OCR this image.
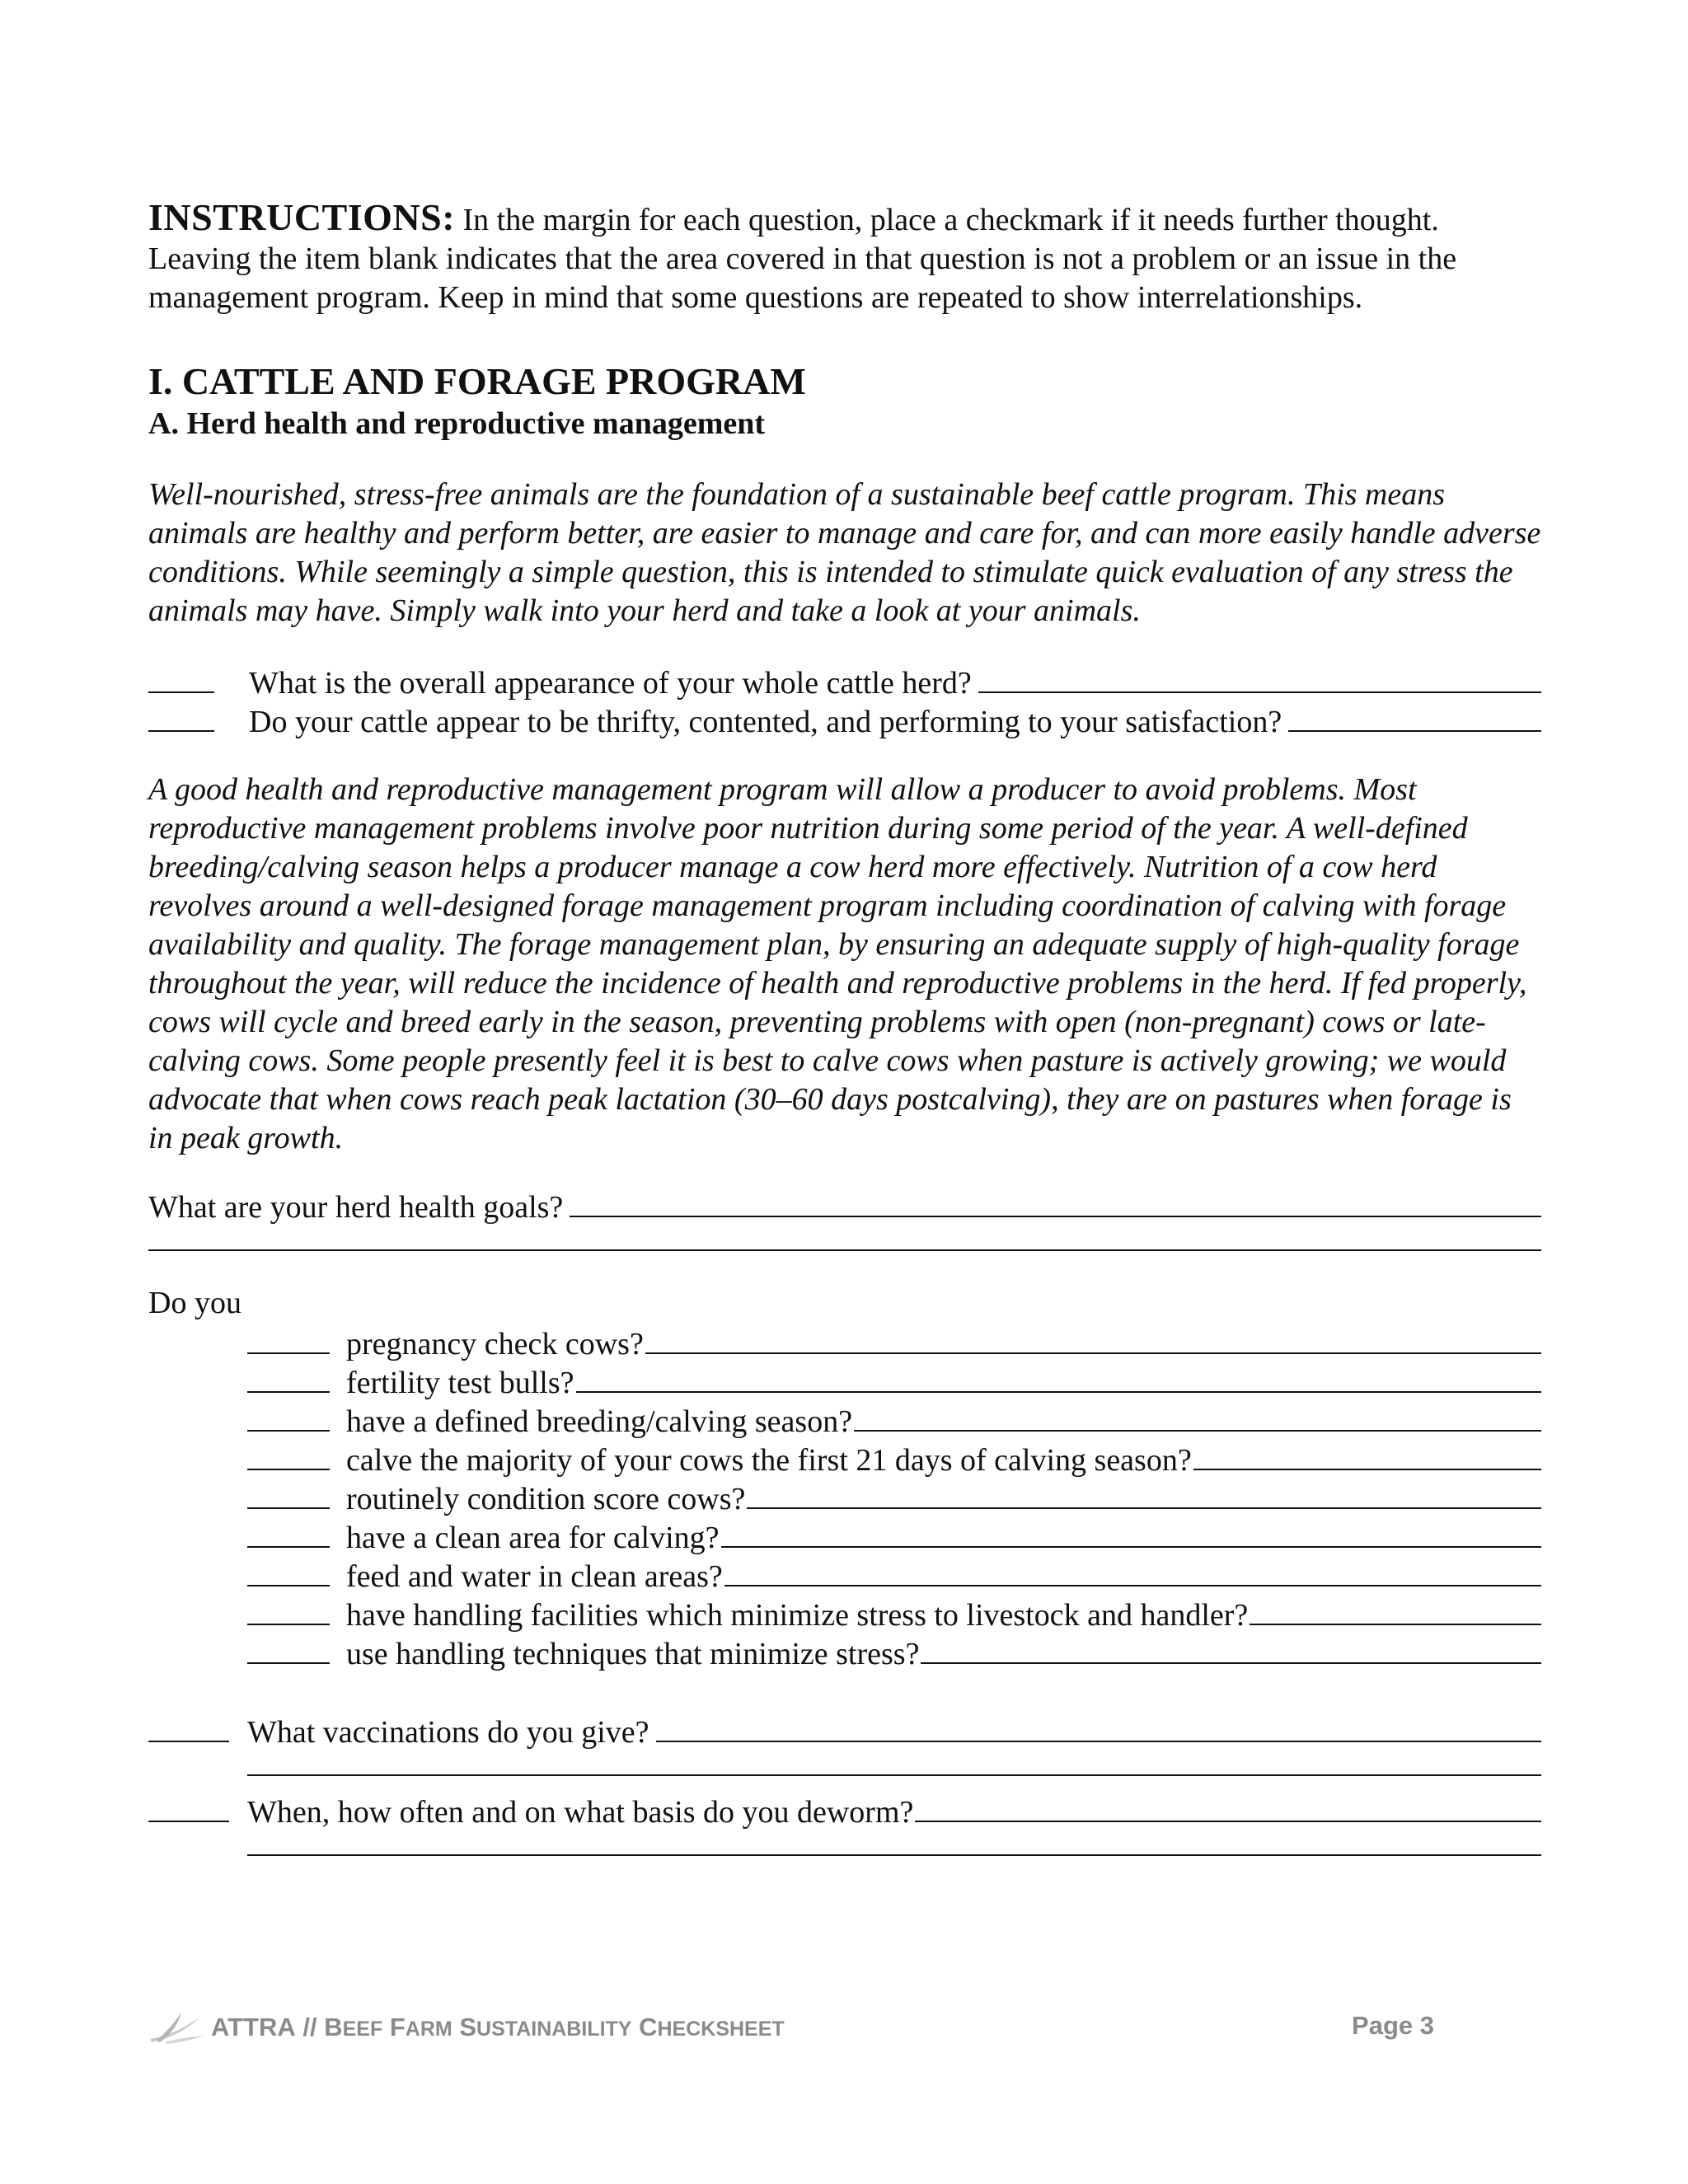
INSTRUCTIONS: In the margin for each question, place a checkmark if it needs further thought. Leaving the item blank indicates that the area covered in that question is not a problem or an issue in the management program. Keep in mind that some questions are repeated to show interrelationships.

I. CATTLE AND FORAGE PROGRAM
A. Herd health and reproductive management

Well-nourished, stress-free animals are the foundation of a sustainable beef cattle program. This means animals are healthy and perform better, are easier to manage and care for, and can more easily handle adverse conditions. While seemingly a simple question, this is intended to stimulate quick evaluation of any stress the animals may have. Simply walk into your herd and take a look at your animals.

What is the overall appearance of your whole cattle herd?
Do your cattle appear to be thrifty, contented, and performing to your satisfaction?

A good health and reproductive management program will allow a producer to avoid problems. Most reproductive management problems involve poor nutrition during some period of the year. A well-defined breeding/calving season helps a producer manage a cow herd more effectively. Nutrition of a cow herd revolves around a well-designed forage management program including coordination of calving with forage availability and quality. The forage management plan, by ensuring an adequate supply of high-quality forage throughout the year, will reduce the incidence of health and reproductive problems in the herd. If fed properly, cows will cycle and breed early in the season, preventing problems with open (non-pregnant) cows or late-calving cows. Some people presently feel it is best to calve cows when pasture is actively growing; we would advocate that when cows reach peak lactation (30–60 days postcalving), they are on pastures when forage is in peak growth.

What are your herd health goals?
Do you
pregnancy check cows?
fertility test bulls?
have a defined breeding/calving season?
calve the majority of your cows the first 21 days of calving season?
routinely condition score cows?
have a clean area for calving?
feed and water in clean areas?
have handling facilities which minimize stress to livestock and handler?
use handling techniques that minimize stress?
What vaccinations do you give?
When, how often and on what basis do you deworm?
ATTRA
//
BEEF FARM SUSTAINABILITY CHECKSHEET	Page 3
